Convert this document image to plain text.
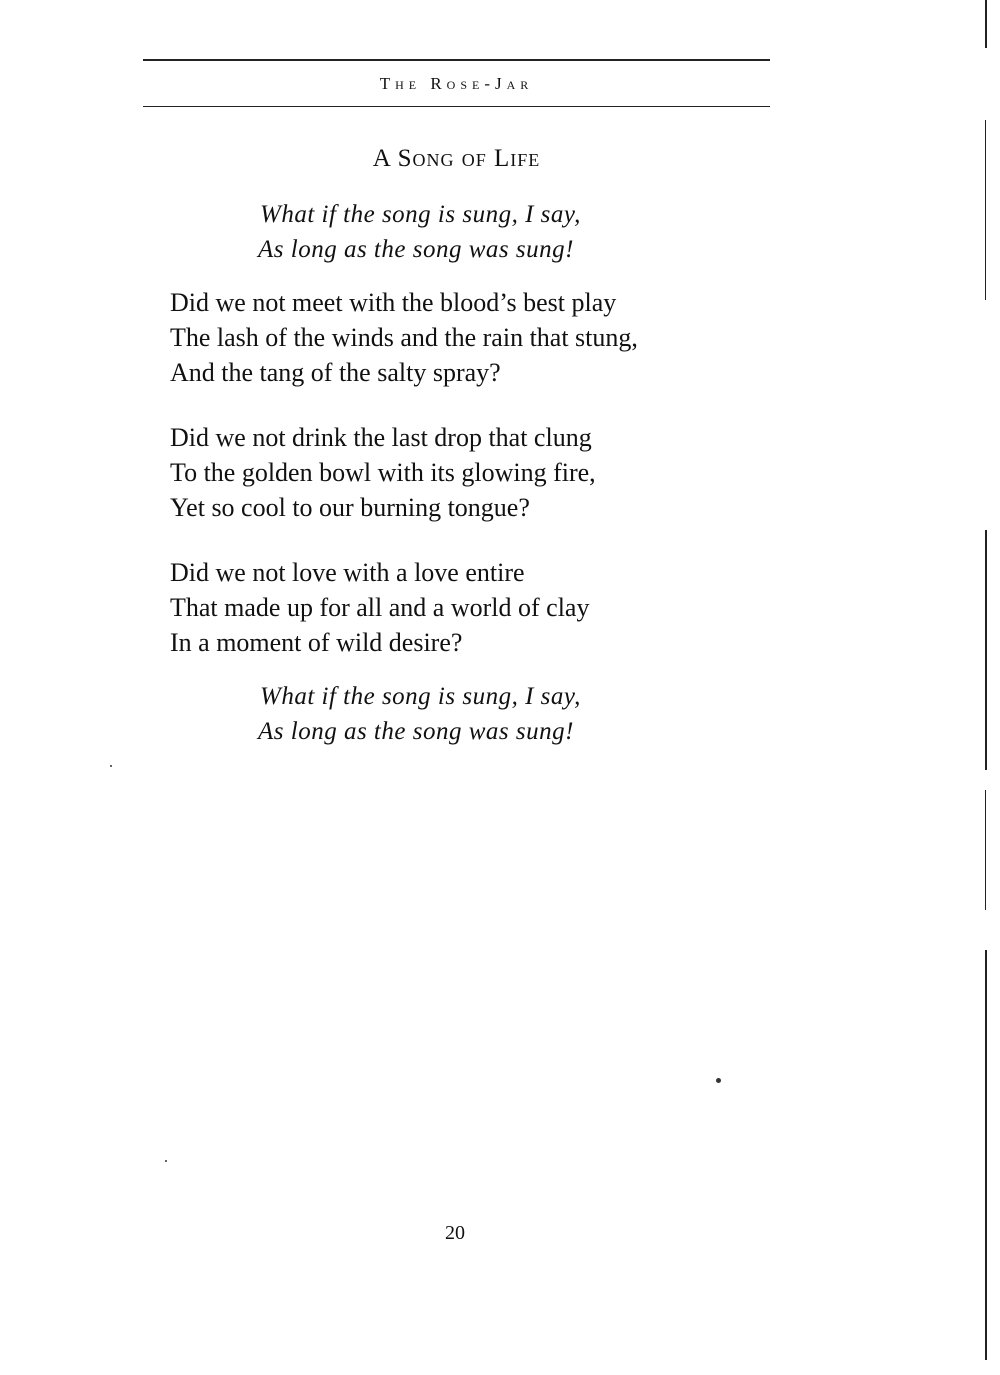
The Rose-Jar
A Song of Life
What if the song is sung, I say,
As long as the song was sung!
Did we not meet with the blood’s best play
The lash of the winds and the rain that stung,
And the tang of the salty spray?
Did we not drink the last drop that clung
To the golden bowl with its glowing fire,
Yet so cool to our burning tongue?
Did we not love with a love entire
That made up for all and a world of clay
In a moment of wild desire?
What if the song is sung, I say,
As long as the song was sung!
20
